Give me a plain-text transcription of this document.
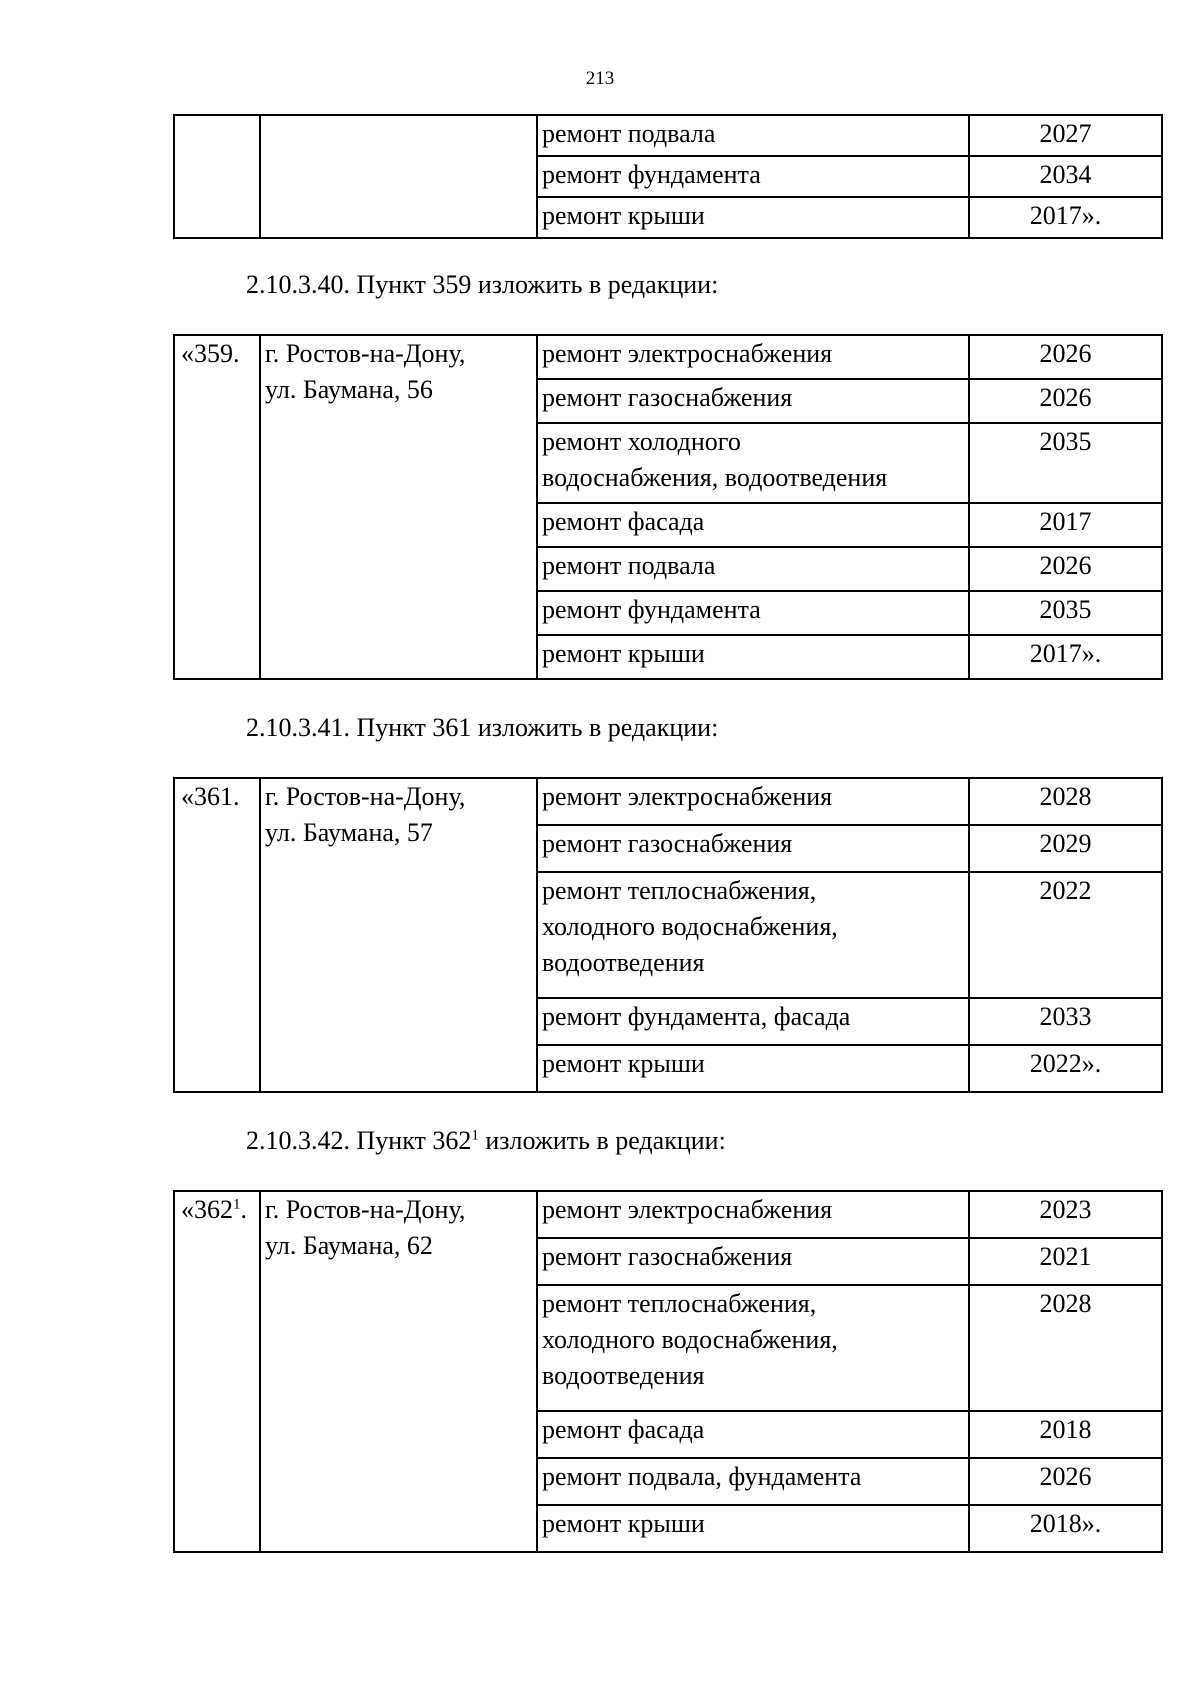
213
		ремонт подвала	2027
		ремонт фундамента	2034
		ремонт крыши	2017».
2.10.3.40. Пункт 359 изложить в редакции:
«359.	г. Ростов-на-Дону,
ул. Баумана, 56	ремонт электроснабжения	2026
		ремонт газоснабжения	2026

		ремонт холодного
водоснабжения, водоотведения	2035
		ремонт фасада	2017
		ремонт подвала	2026
		ремонт фундамента	2035
		ремонт крыши	2017».
2.10.3.41. Пункт 361 изложить в редакции:
«361.	г. Ростов-на-Дону,
ул. Баумана, 57	ремонт электроснабжения	2028
		ремонт газоснабжения	2029

		ремонт теплоснабжения,
холодного водоснабжения,
водоотведения	2022
		ремонт фундамента, фасада	2033
		ремонт крыши	2022».
2.10.3.42. Пункт $362^1$ изложить в редакции:
«$362^1$.	г. Ростов-на-Дону,
ул. Баумана, 62	ремонт электроснабжения	2023
		ремонт газоснабжения	2021

		ремонт теплоснабжения,
холодного водоснабжения,
водоотведения	2028
		ремонт фасада	2018
		ремонт подвала, фундамента	2026
		ремонт крыши	2018».
